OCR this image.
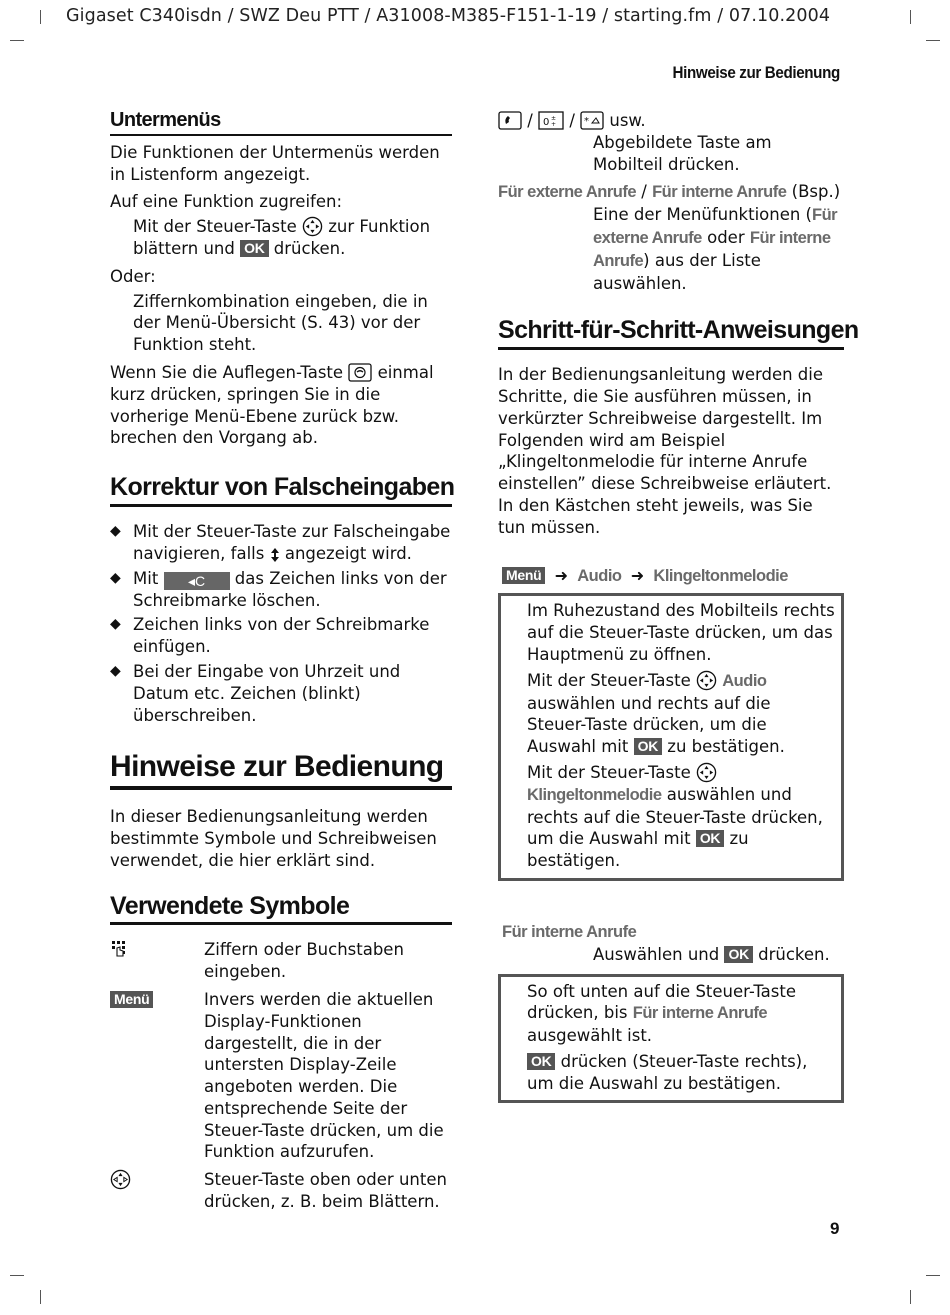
Gigaset C340isdn / SWZ Deu PTT / A31008-M385-F151-1-19 / starting.fm / 07.10.2004
Hinweise zur Bedienung
9
Untermenüs

Die Funktionen der Untermenüs werden in Listenform angezeigt.

Auf eine Funktion zugreifen:

Mit der Steuer-Taste zur Funktion blättern und OK drücken.

Oder:

Ziffernkombination eingeben, die in der Menü-Übersicht (S. 43) vor der Funktion steht.

Wenn Sie die Auflegen-Taste einmal kurz drücken, springen Sie in die vorherige Menü-Ebene zurück bzw. brechen den Vorgang ab.

Korrektur von Falscheingaben
◆ Mit der Steuer-Taste zur Falscheingabe navigieren, falls angezeigt wird.
◆ Mit ◂C das Zeichen links von der Schreibmarke löschen.
◆ Zeichen links von der Schreibmarke einfügen.
◆ Bei der Eingabe von Uhrzeit und Datum etc. Zeichen (blinkt) überschreiben.
Hinweise zur Bedienung

In dieser Bedienungsanleitung werden bestimmte Symbole und Schreibweisen verwendet, die hier erklärt sind.

Verwendete Symbole
Ziffern oder Buchstaben eingeben.
Menü	Invers werden die aktuellen Display-Funktionen dargestellt, die in der untersten Display-Zeile angeboten werden. Die entsprechende Seite der Steuer-Taste drücken, um die Funktion aufzurufen.
Steuer-Taste oben oder unten drücken, z. B. beim Blättern.

/ 0 ±
+ / * usw.

Abgebildete Taste am Mobilteil drücken.

Für externe Anrufe / Für interne Anrufe (Bsp.)

Eine der Menüfunktionen (Für externe Anrufe oder Für interne Anrufe) aus der Liste auswählen.

Schritt-für-Schritt-Anweisungen

In der Bedienungsanleitung werden die Schritte, die Sie ausführen müssen, in verkürzter Schreibweise dargestellt. Im Folgenden wird am Beispiel „Klingeltonmelodie für interne Anrufe einstellen” diese Schreibweise erläutert. In den Kästchen steht jeweils, was Sie tun müssen.

Menü ➜ Audio ➜ Klingeltonmelodie

Im Ruhezustand des Mobilteils rechts auf die Steuer-Taste drücken, um das Hauptmenü zu öffnen.

Mit der Steuer-Taste Audio auswählen und rechts auf die Steuer-Taste drücken, um die Auswahl mit OK zu bestätigen.

Mit der Steuer-Taste  Klingeltonmelodie auswählen und rechts auf die Steuer-Taste drücken, um die Auswahl mit OK zu bestätigen.

Für interne Anrufe

Auswählen und OK drücken.

So oft unten auf die Steuer-Taste drücken, bis Für interne Anrufe ausgewählt ist.

OK drücken (Steuer-Taste rechts), um die Auswahl zu bestätigen.
